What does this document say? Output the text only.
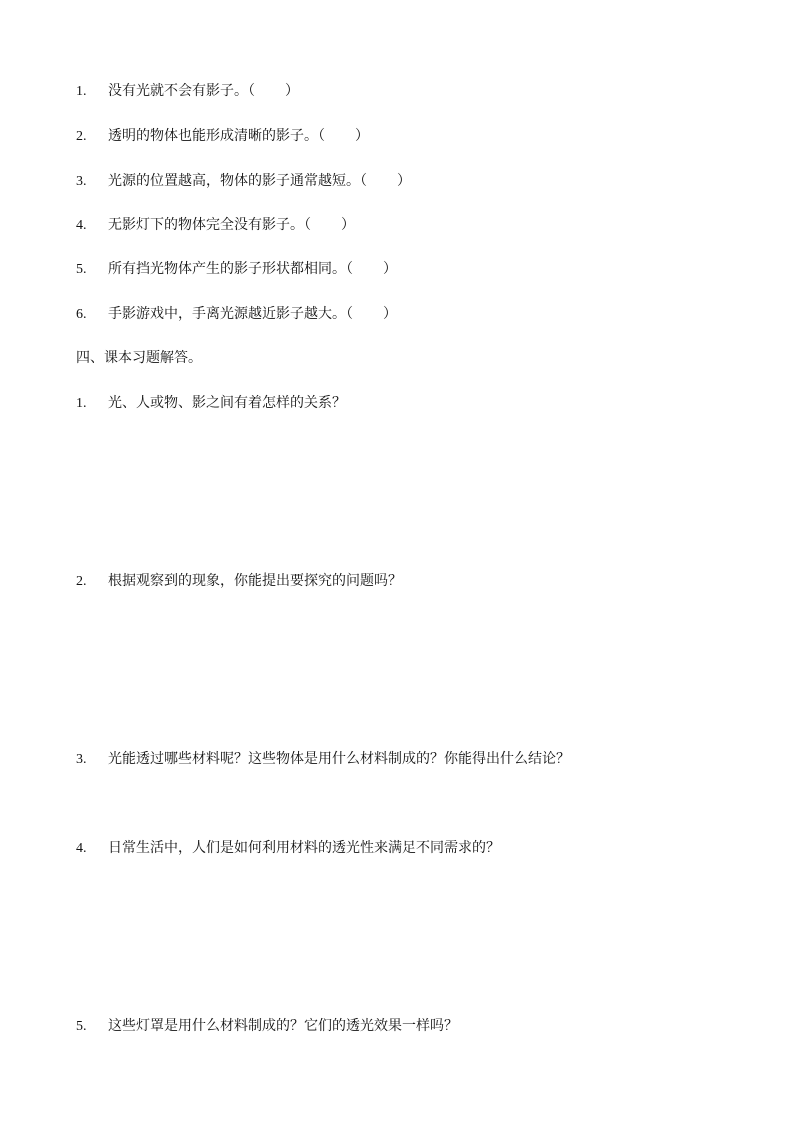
1. 没有光就不会有影子。（ ）
2. 透明的物体也能形成清晰的影子。（ ）
3. 光源的位置越高，物体的影子通常越短。（ ）
4. 无影灯下的物体完全没有影子。（ ）
5. 所有挡光物体产生的影子形状都相同。（ ）
6. 手影游戏中，手离光源越近影子越大。（ ）
四、课本习题解答。
1. 光、人或物、影之间有着怎样的关系？
2. 根据观察到的现象，你能提出要探究的问题吗？
3. 光能透过哪些材料呢？这些物体是用什么材料制成的？你能得出什么结论？
4. 日常生活中，人们是如何利用材料的透光性来满足不同需求的？
5. 这些灯罩是用什么材料制成的？它们的透光效果一样吗？
